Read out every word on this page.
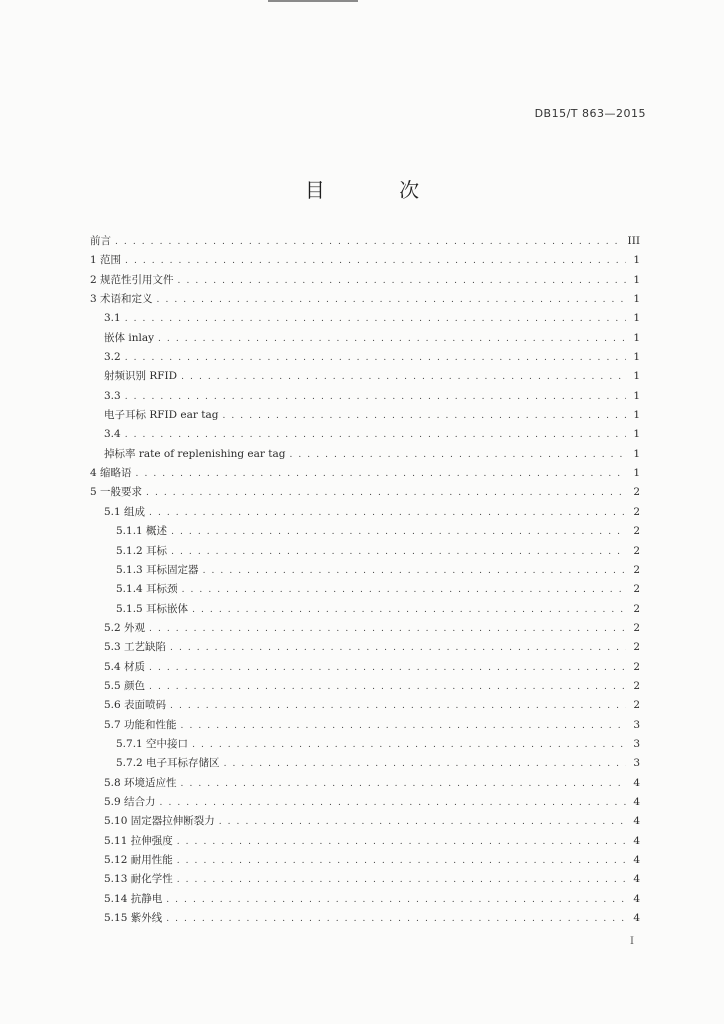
DB15/T 863—2015
目 次
前言 . . .	III
1 范围 . . .	1
2 规范性引用文件 . . .	1
3 术语和定义 . . .	1
3.1 . . .	1
嵌体 inlay . . .	1
3.2 . . .	1
射频识别 RFID . . .	1
3.3 . . .	1
电子耳标 RFID ear tag . . .	1
3.4 . . .	1
掉标率 rate of replenishing ear tag . . .	1
4 缩略语 . . .	1
5 一般要求 . . .	2
5.1 组成 . . .	2
5.1.1 概述 . . .	2
5.1.2 耳标 . . .	2
5.1.3 耳标固定器 . . .	2
5.1.4 耳标颈 . . .	2
5.1.5 耳标嵌体 . . .	2
5.2 外观 . . .	2
5.3 工艺缺陷 . . .	2
5.4 材质 . . .	2
5.5 颜色 . . .	2
5.6 表面喷码 . . .	2
5.7 功能和性能 . . .	3
5.7.1 空中接口 . . .	3
5.7.2 电子耳标存储区 . . .	3
5.8 环境适应性 . . .	4
5.9 结合力 . . .	4
5.10 固定器拉伸断裂力 . . .	4
5.11 拉伸强度 . . .	4
5.12 耐用性能 . . .	4
5.13 耐化学性 . . .	4
5.14 抗静电 . . .	4
5.15 紫外线 . . .	4
I
